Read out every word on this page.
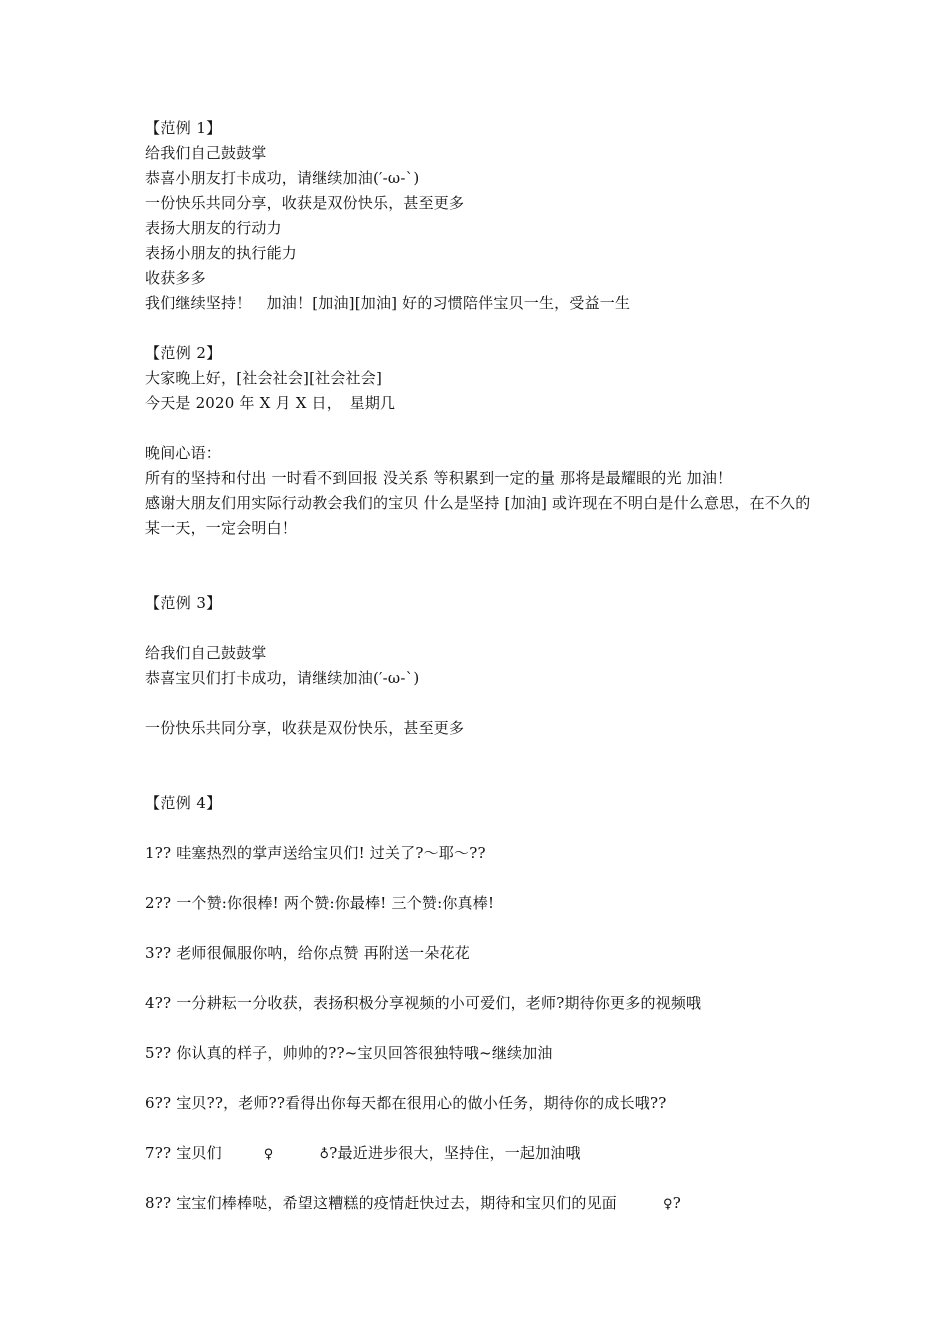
【范例 1】
给我们自己鼓鼓掌
恭喜小朋友打卡成功，请继续加油(′-ω-`)
一份快乐共同分享，收获是双份快乐，甚至更多
表扬大朋友的行动力
表扬小朋友的执行能力
收获多多
我们继续坚持！　加油！[加油][加油] 好的习惯陪伴宝贝一生，受益一生
【范例 2】
大家晚上好，[社会社会][社会社会]
今天是 2020 年 X 月 X 日，　星期几
晚间心语：
所有的坚持和付出 一时看不到回报 没关系 等积累到一定的量 那将是最耀眼的光 加油！
感谢大朋友们用实际行动教会我们的宝贝 什么是坚持 [加油] 或许现在不明白是什么意思，在不久的某一天，一定会明白！
【范例 3】
给我们自己鼓鼓掌
恭喜宝贝们打卡成功，请继续加油(′-ω-`)
一份快乐共同分享，收获是双份快乐，甚至更多
【范例 4】
1?? 哇塞热烈的掌声送给宝贝们! 过关了?～耶～??
2?? 一个赞:你很棒! 两个赞:你最棒! 三个赞:你真棒!
3?? 老师很佩服你呐，给你点赞 再附送一朵花花
4?? 一分耕耘一分收获，表扬积极分享视频的小可爱们，老师?期待你更多的视频哦
5?? 你认真的样子，帅帅的??~宝贝回答很独特哦~继续加油
6?? 宝贝??，老师??看得出你每天都在很用心的做小任务，期待你的成长哦??
7?? 宝贝们	♀	♁?最近进步很大，坚持住，一起加油哦
8?? 宝宝们棒棒哒，希望这糟糕的疫情赶快过去，期待和宝贝们的见面	♀?
